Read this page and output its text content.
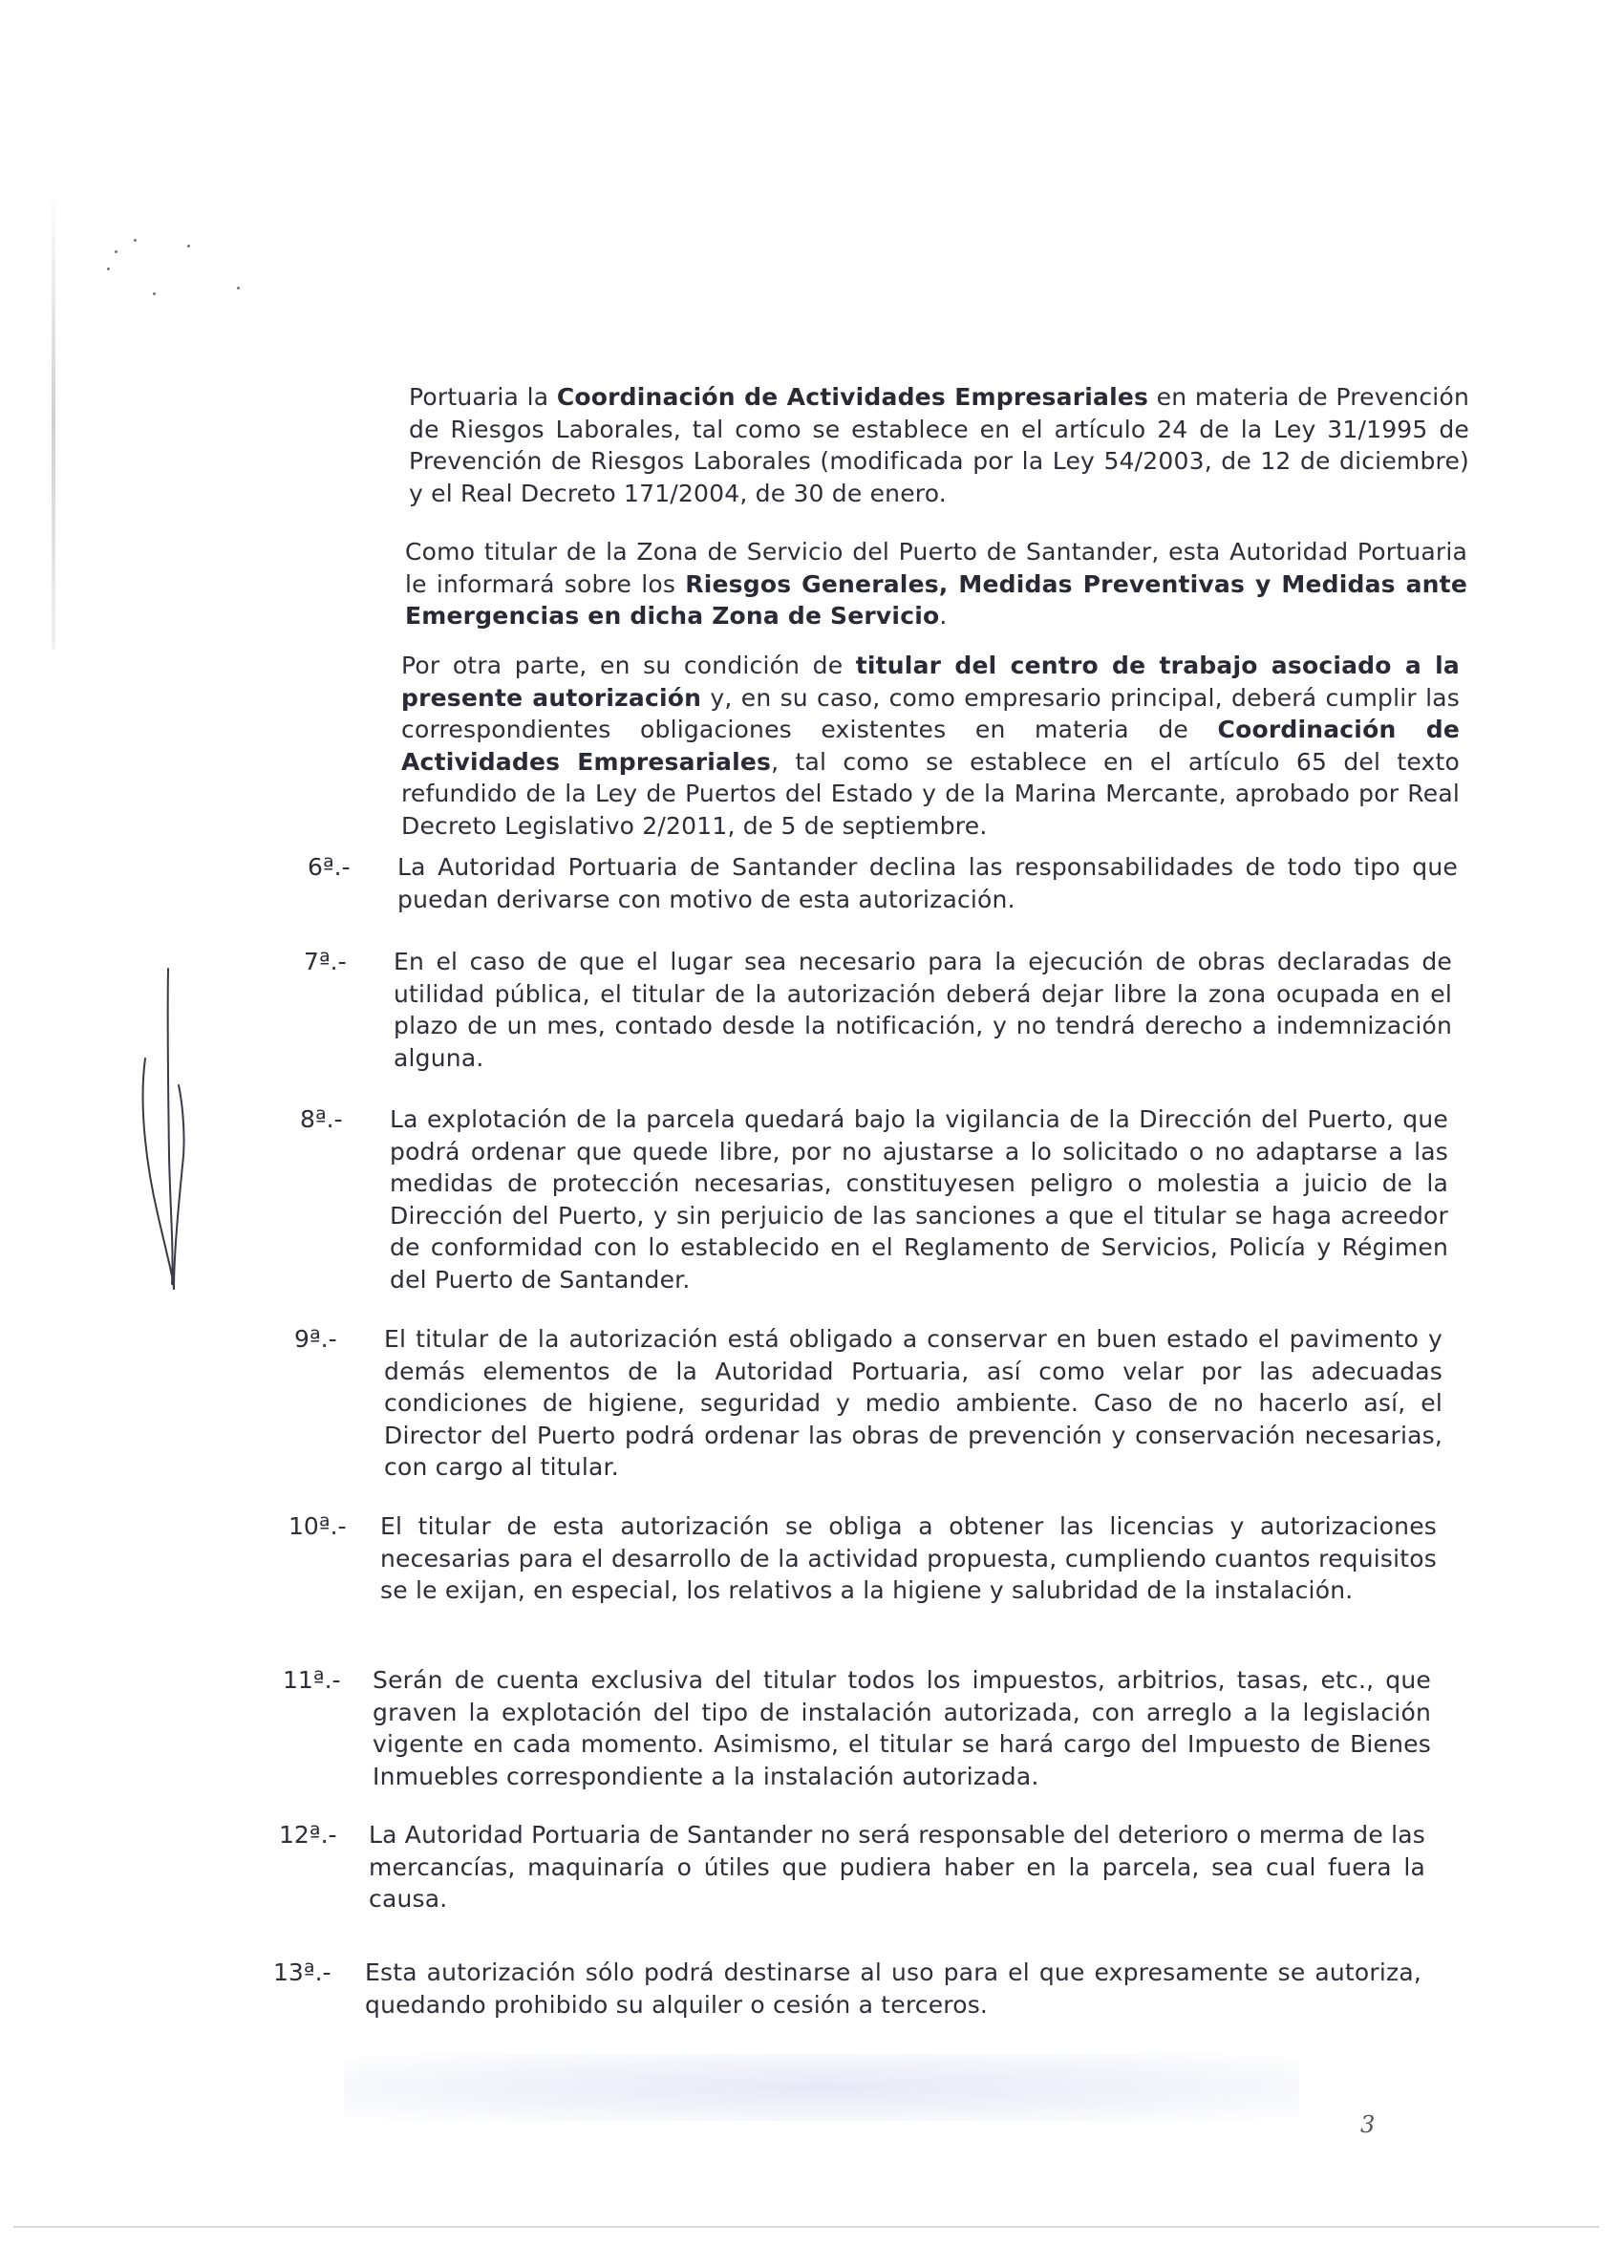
Portuaria la Coordinación de Actividades Empresariales en materia de Prevención de Riesgos Laborales, tal como se establece en el artículo 24 de la Ley 31/1995 de Prevención de Riesgos Laborales (modificada por la Ley 54/2003, de 12 de diciembre) y el Real Decreto 171/2004, de 30 de enero.

Como titular de la Zona de Servicio del Puerto de Santander, esta Autoridad Portuaria le informará sobre los Riesgos Generales, Medidas Preventivas y Medidas ante Emergencias en dicha Zona de Servicio.

Por otra parte, en su condición de titular del centro de trabajo asociado a la presente autorización y, en su caso, como empresario principal, deberá cumplir las correspondientes obligaciones existentes en materia de Coordinación de Actividades Empresariales, tal como se establece en el artículo 65 del texto refundido de la Ley de Puertos del Estado y de la Marina Mercante, aprobado por Real Decreto Legislativo 2/2011, de 5 de septiembre.

6ª.- La Autoridad Portuaria de Santander declina las responsabilidades de todo tipo que puedan derivarse con motivo de esta autorización.

7ª.- En el caso de que el lugar sea necesario para la ejecución de obras declaradas de utilidad pública, el titular de la autorización deberá dejar libre la zona ocupada en el plazo de un mes, contado desde la notificación, y no tendrá derecho a indemnización alguna.

8ª.- La explotación de la parcela quedará bajo la vigilancia de la Dirección del Puerto, que podrá ordenar que quede libre, por no ajustarse a lo solicitado o no adaptarse a las medidas de protección necesarias, constituyesen peligro o molestia a juicio de la Dirección del Puerto, y sin perjuicio de las sanciones a que el titular se haga acreedor de conformidad con lo establecido en el Reglamento de Servicios, Policía y Régimen del Puerto de Santander.

9ª.- El titular de la autorización está obligado a conservar en buen estado el pavimento y demás elementos de la Autoridad Portuaria, así como velar por las adecuadas condiciones de higiene, seguridad y medio ambiente. Caso de no hacerlo así, el Director del Puerto podrá ordenar las obras de prevención y conservación necesarias, con cargo al titular.

10ª.- El titular de esta autorización se obliga a obtener las licencias y autorizaciones necesarias para el desarrollo de la actividad propuesta, cumpliendo cuantos requisitos se le exijan, en especial, los relativos a la higiene y salubridad de la instalación.

11ª.- Serán de cuenta exclusiva del titular todos los impuestos, arbitrios, tasas, etc., que graven la explotación del tipo de instalación autorizada, con arreglo a la legislación vigente en cada momento. Asimismo, el titular se hará cargo del Impuesto de Bienes Inmuebles correspondiente a la instalación autorizada.

12ª.- La Autoridad Portuaria de Santander no será responsable del deterioro o merma de las mercancías, maquinaría o útiles que pudiera haber en la parcela, sea cual fuera la causa.

13ª.- Esta autorización sólo podrá destinarse al uso para el que expresamente se autoriza, quedando prohibido su alquiler o cesión a terceros.

3
